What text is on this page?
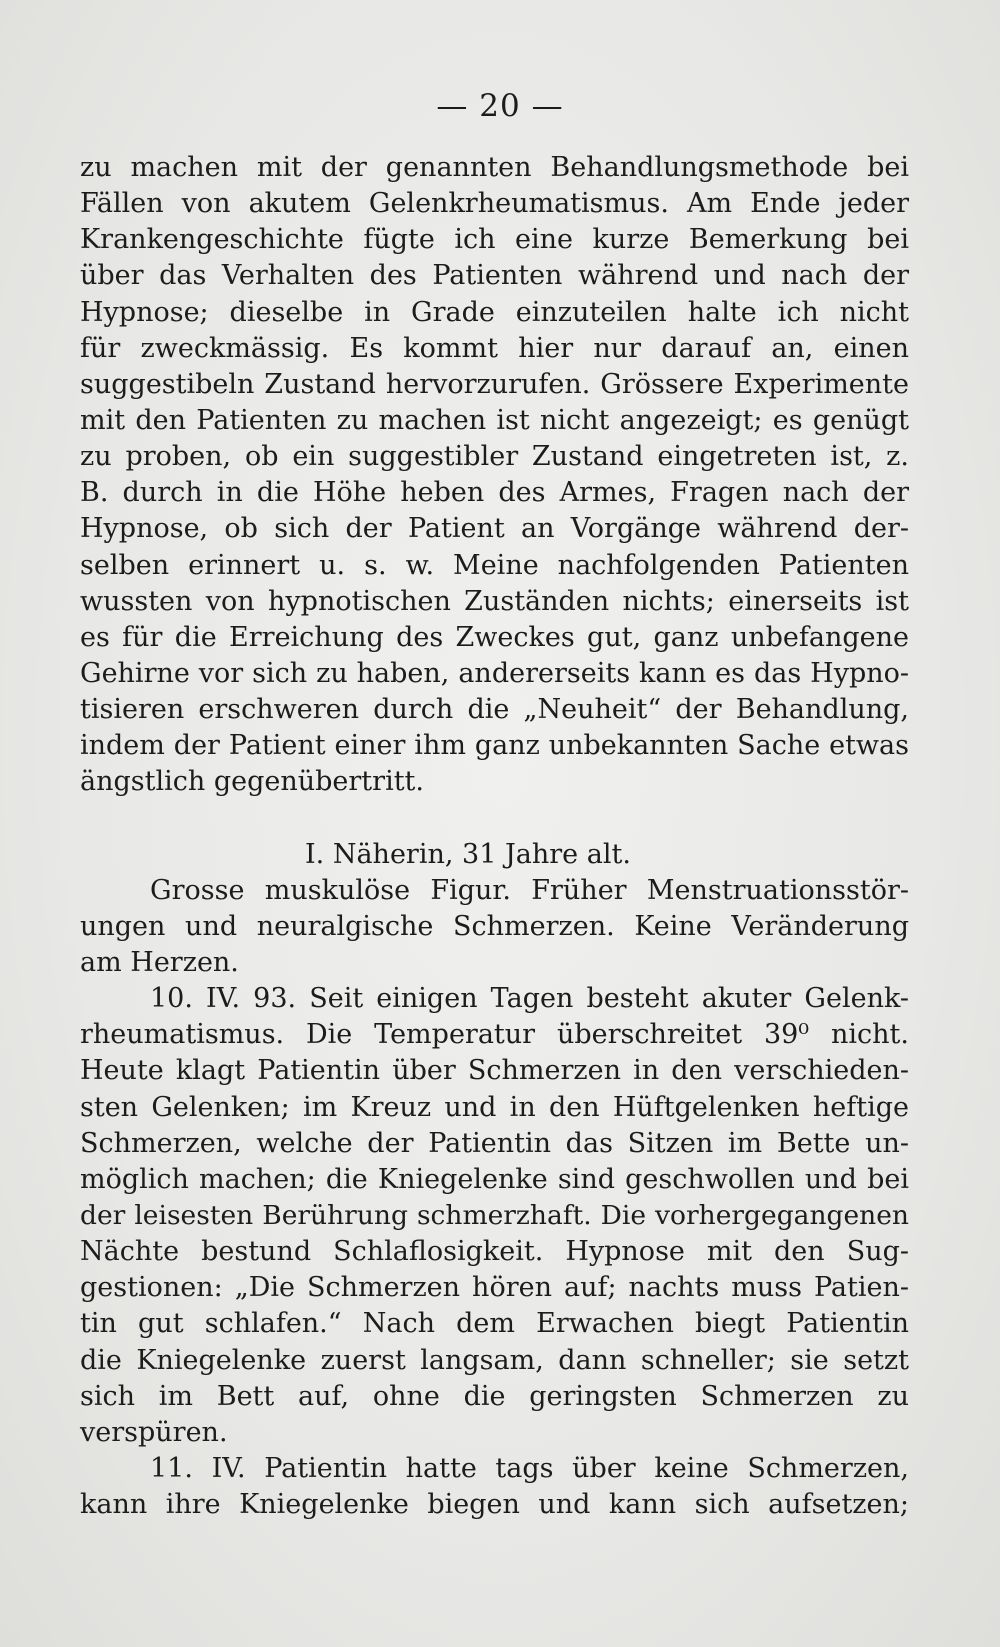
— 20 —
zu machen mit der genannten Behandlungsmethode bei
Fällen von akutem Gelenkrheumatismus. Am Ende jeder
Krankengeschichte fügte ich eine kurze Bemerkung bei
über das Verhalten des Patienten während und nach der
Hypnose; dieselbe in Grade einzuteilen halte ich nicht
für zweckmässig. Es kommt hier nur darauf an, einen
suggestibeln Zustand hervorzurufen. Grössere Experimente
mit den Patienten zu machen ist nicht angezeigt; es genügt
zu proben, ob ein suggestibler Zustand eingetreten ist, z.
B. durch in die Höhe heben des Armes, Fragen nach der
Hypnose, ob sich der Patient an Vorgänge während der-
selben erinnert u. s. w. Meine nachfolgenden Patienten
wussten von hypnotischen Zuständen nichts; einerseits ist
es für die Erreichung des Zweckes gut, ganz unbefangene
Gehirne vor sich zu haben, andererseits kann es das Hypno-
tisieren erschweren durch die „Neuheit“ der Behandlung,
indem der Patient einer ihm ganz unbekannten Sache etwas
ängstlich gegenübertritt.
I. Näherin, 31 Jahre alt.
Grosse muskulöse Figur. Früher Menstruationsstör-
ungen und neuralgische Schmerzen. Keine Veränderung
am Herzen.
10. IV. 93. Seit einigen Tagen besteht akuter Gelenk-
rheumatismus. Die Temperatur überschreitet 39⁰ nicht.
Heute klagt Patientin über Schmerzen in den verschieden-
sten Gelenken; im Kreuz und in den Hüftgelenken heftige
Schmerzen, welche der Patientin das Sitzen im Bette un-
möglich machen; die Kniegelenke sind geschwollen und bei
der leisesten Berührung schmerzhaft. Die vorhergegangenen
Nächte bestund Schlaflosigkeit. Hypnose mit den Sug-
gestionen: „Die Schmerzen hören auf; nachts muss Patien-
tin gut schlafen.“ Nach dem Erwachen biegt Patientin
die Kniegelenke zuerst langsam, dann schneller; sie setzt
sich im Bett auf, ohne die geringsten Schmerzen zu
verspüren.
11. IV. Patientin hatte tags über keine Schmerzen,
kann ihre Kniegelenke biegen und kann sich aufsetzen;
